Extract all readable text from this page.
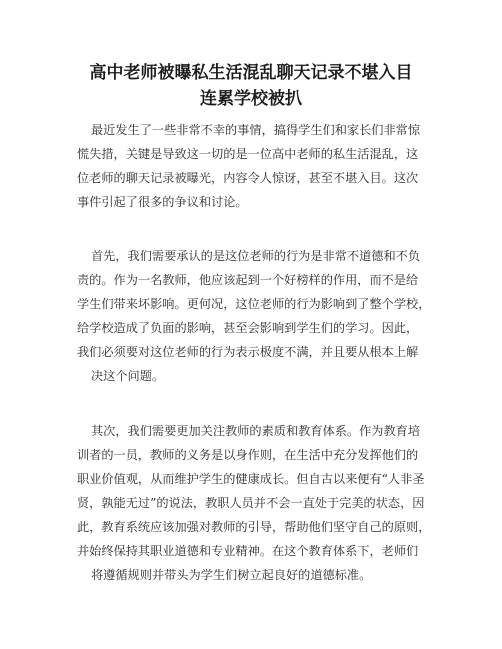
高中老师被曝私生活混乱聊天记录不堪入目
连累学校被扒
最近发生了一些非常不幸的事情，搞得学生们和家长们非常惊
慌失措，关键是导致这一切的是一位高中老师的私生活混乱，这
位老师的聊天记录被曝光，内容令人惊讶，甚至不堪入目。这次
事件引起了很多的争议和讨论。
首先，我们需要承认的是这位老师的行为是非常不道德和不负
责的。作为一名教师，他应该起到一个好榜样的作用，而不是给
学生们带来坏影响。更何况，这位老师的行为影响到了整个学校，
给学校造成了负面的影响，甚至会影响到学生们的学习。因此，
我们必须要对这位老师的行为表示极度不满，并且要从根本上解
决这个问题。
其次，我们需要更加关注教师的素质和教育体系。作为教育培
训者的一员，教师的义务是以身作则，在生活中充分发挥他们的
职业价值观，从而维护学生的健康成长。但自古以来便有“人非圣
贤，孰能无过”的说法，教职人员并不会一直处于完美的状态，因
此，教育系统应该加强对教师的引导，帮助他们坚守自己的原则，
并始终保持其职业道德和专业精神。在这个教育体系下，老师们
将遵循规则并带头为学生们树立起良好的道德标准。
